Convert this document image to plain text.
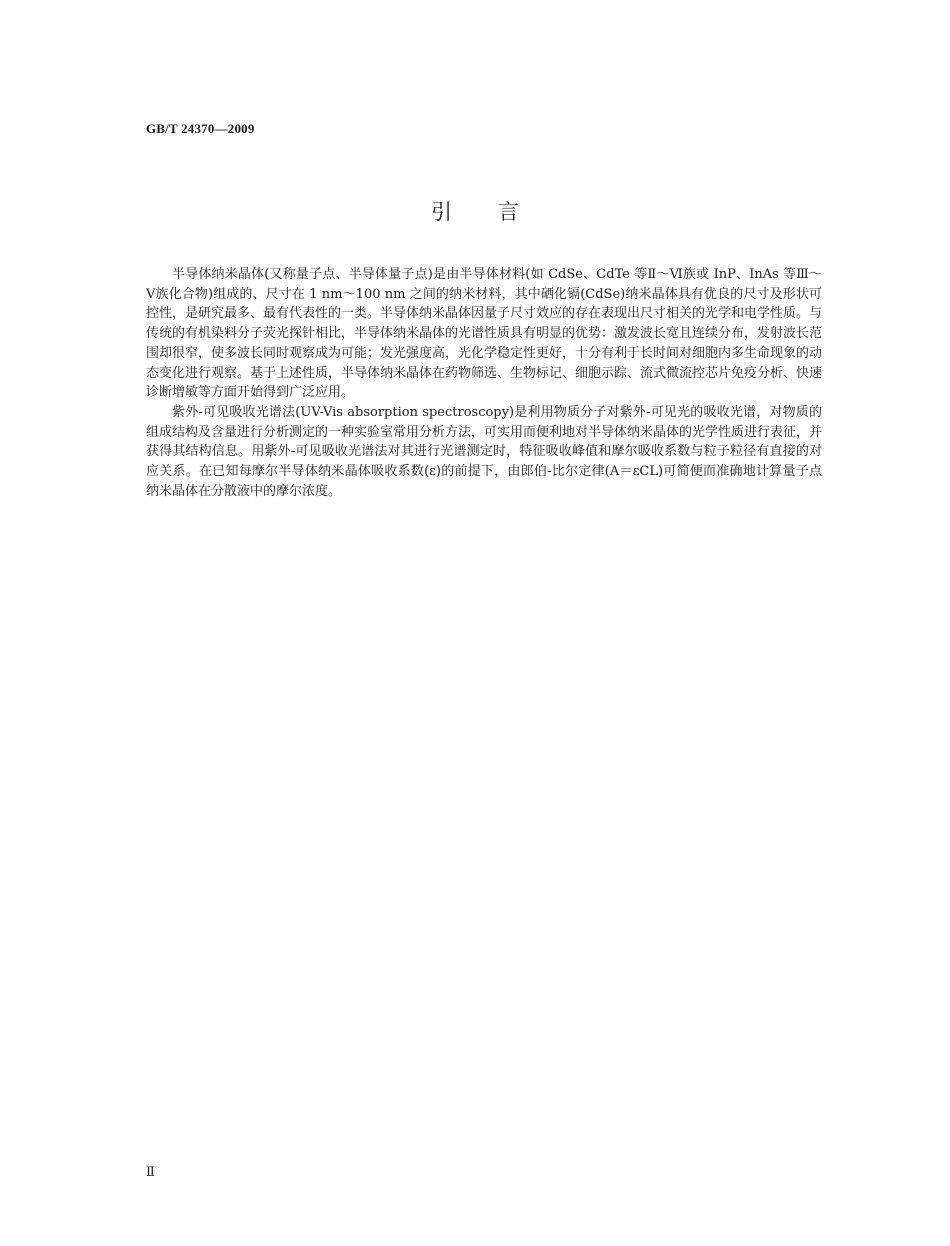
GB/T 24370—2009
引言

半导体纳米晶体(又称量子点、半导体量子点)是由半导体材料(如 CdSe、CdTe 等Ⅱ～Ⅵ族或 InP、InAs 等Ⅲ～Ⅴ族化合物)组成的、尺寸在 1 nm～100 nm 之间的纳米材料，其中硒化镉(CdSe)纳米晶体具有优良的尺寸及形状可控性，是研究最多、最有代表性的一类。半导体纳米晶体因量子尺寸效应的存在表现出尺寸相关的光学和电学性质。与传统的有机染料分子荧光探针相比，半导体纳米晶体的光谱性质具有明显的优势：激发波长宽且连续分布，发射波长范围却很窄，使多波长同时观察成为可能；发光强度高，光化学稳定性更好，十分有利于长时间对细胞内多生命现象的动态变化进行观察。基于上述性质，半导体纳米晶体在药物筛选、生物标记、细胞示踪、流式微流控芯片免疫分析、快速诊断增敏等方面开始得到广泛应用。

紫外-可见吸收光谱法(UV-Vis absorption spectroscopy)是利用物质分子对紫外-可见光的吸收光谱，对物质的组成结构及含量进行分析测定的一种实验室常用分析方法，可实用而便利地对半导体纳米晶体的光学性质进行表征，并获得其结构信息。用紫外-可见吸收光谱法对其进行光谱测定时，特征吸收峰值和摩尔吸收系数与粒子粒径有直接的对应关系。在已知每摩尔半导体纳米晶体吸收系数(ε)的前提下，由郎伯-比尔定律(A＝εCL)可简便而准确地计算量子点纳米晶体在分散液中的摩尔浓度。

Ⅱ
